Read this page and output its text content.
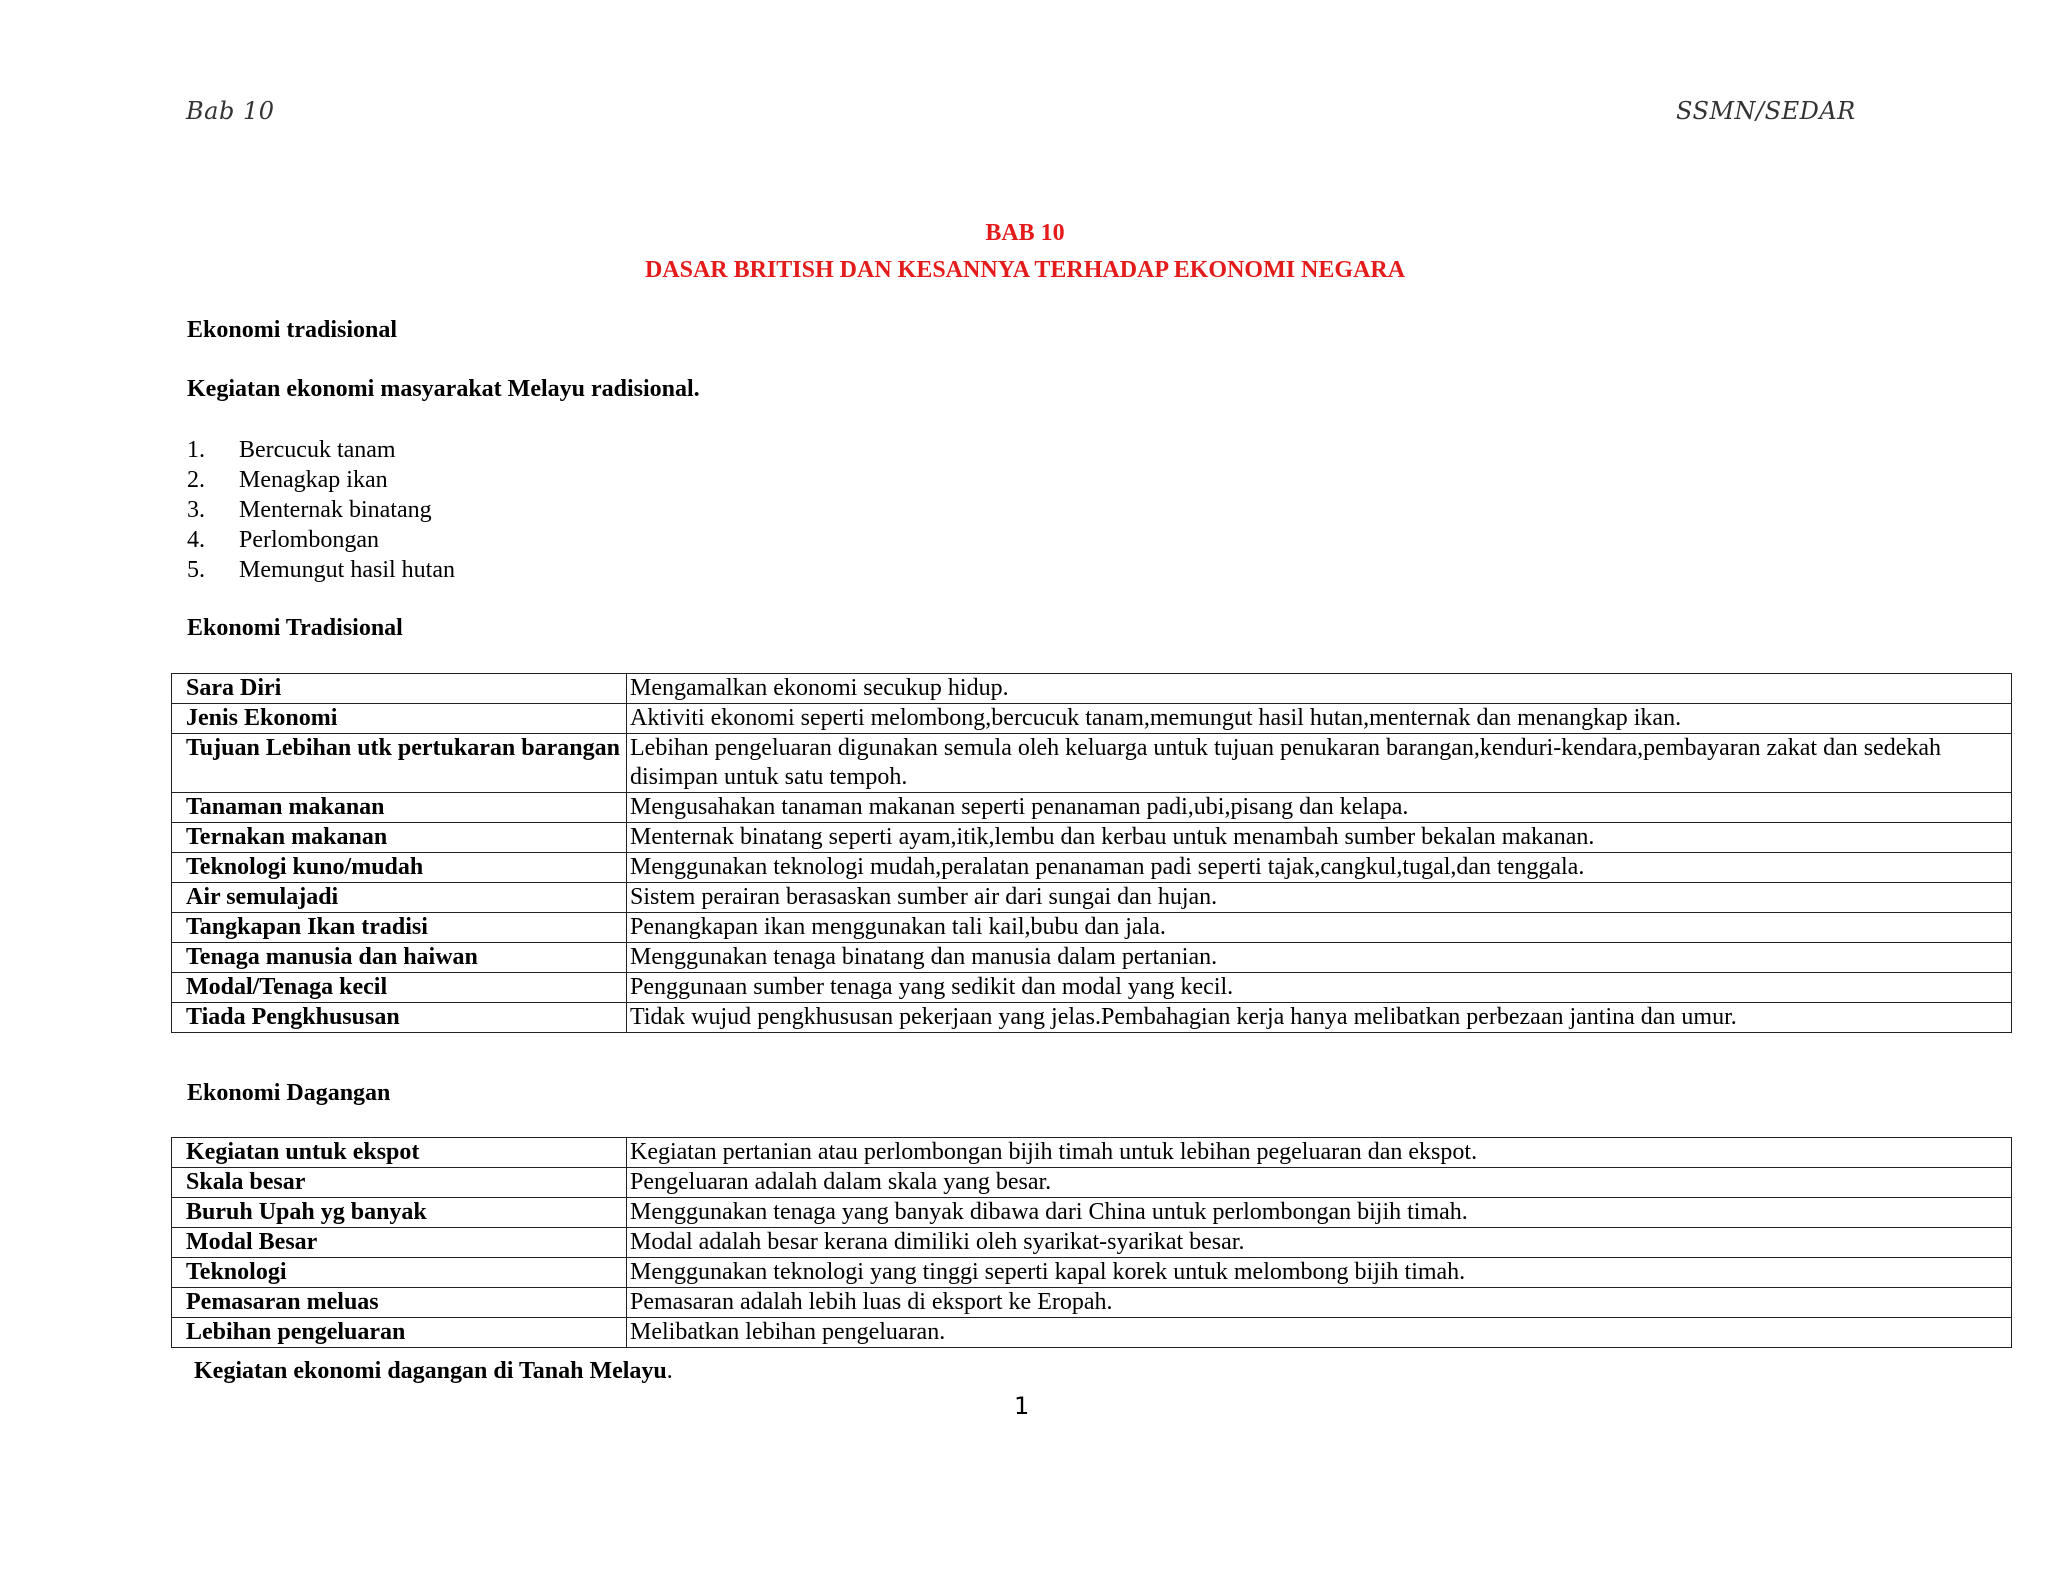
Bab 10	SSMN/SEDAR
BAB 10
DASAR BRITISH DAN KESANNYA TERHADAP EKONOMI NEGARA
Ekonomi tradisional
Kegiatan ekonomi masyarakat Melayu radisional.
1.	Bercucuk tanam
2.	Menagkap ikan
3.	Menternak binatang
4.	Perlombongan
5.	Memungut hasil hutan
Ekonomi Tradisional
Sara Diri	Mengamalkan ekonomi secukup hidup.
Jenis Ekonomi	Aktiviti ekonomi seperti melombong,bercucuk tanam,memungut hasil hutan,menternak dan menangkap ikan.
Tujuan Lebihan utk pertukaran barangan	Lebihan pengeluaran digunakan semula oleh keluarga untuk tujuan penukaran barangan,kenduri-kendara,pembayaran zakat dan sedekah disimpan untuk satu tempoh.
Tanaman makanan	Mengusahakan tanaman makanan seperti penanaman padi,ubi,pisang dan kelapa.
Ternakan makanan	Menternak binatang seperti ayam,itik,lembu dan kerbau untuk menambah sumber bekalan makanan.
Teknologi kuno/mudah	Menggunakan teknologi mudah,peralatan penanaman padi seperti tajak,cangkul,tugal,dan tenggala.
Air semulajadi	Sistem perairan berasaskan sumber air dari sungai dan hujan.
Tangkapan Ikan tradisi	Penangkapan ikan menggunakan tali kail,bubu dan jala.
Tenaga manusia dan haiwan	Menggunakan tenaga binatang dan manusia dalam pertanian.
Modal/Tenaga kecil	Penggunaan sumber tenaga yang sedikit dan modal yang kecil.
Tiada Pengkhususan	Tidak wujud pengkhususan pekerjaan yang jelas.Pembahagian kerja hanya melibatkan perbezaan jantina dan umur.
Ekonomi Dagangan
Kegiatan untuk ekspot	Kegiatan pertanian atau perlombongan bijih timah untuk lebihan pegeluaran dan ekspot.
Skala besar	Pengeluaran adalah dalam skala yang besar.
Buruh Upah yg banyak	Menggunakan tenaga yang banyak dibawa dari China untuk perlombongan bijih timah.
Modal Besar	Modal adalah besar kerana dimiliki oleh syarikat-syarikat besar.
Teknologi	Menggunakan teknologi yang tinggi seperti kapal korek untuk melombong bijih timah.
Pemasaran meluas	Pemasaran adalah lebih luas di eksport ke Eropah.
Lebihan pengeluaran	Melibatkan lebihan pengeluaran.
Kegiatan ekonomi dagangan di Tanah Melayu.
1
